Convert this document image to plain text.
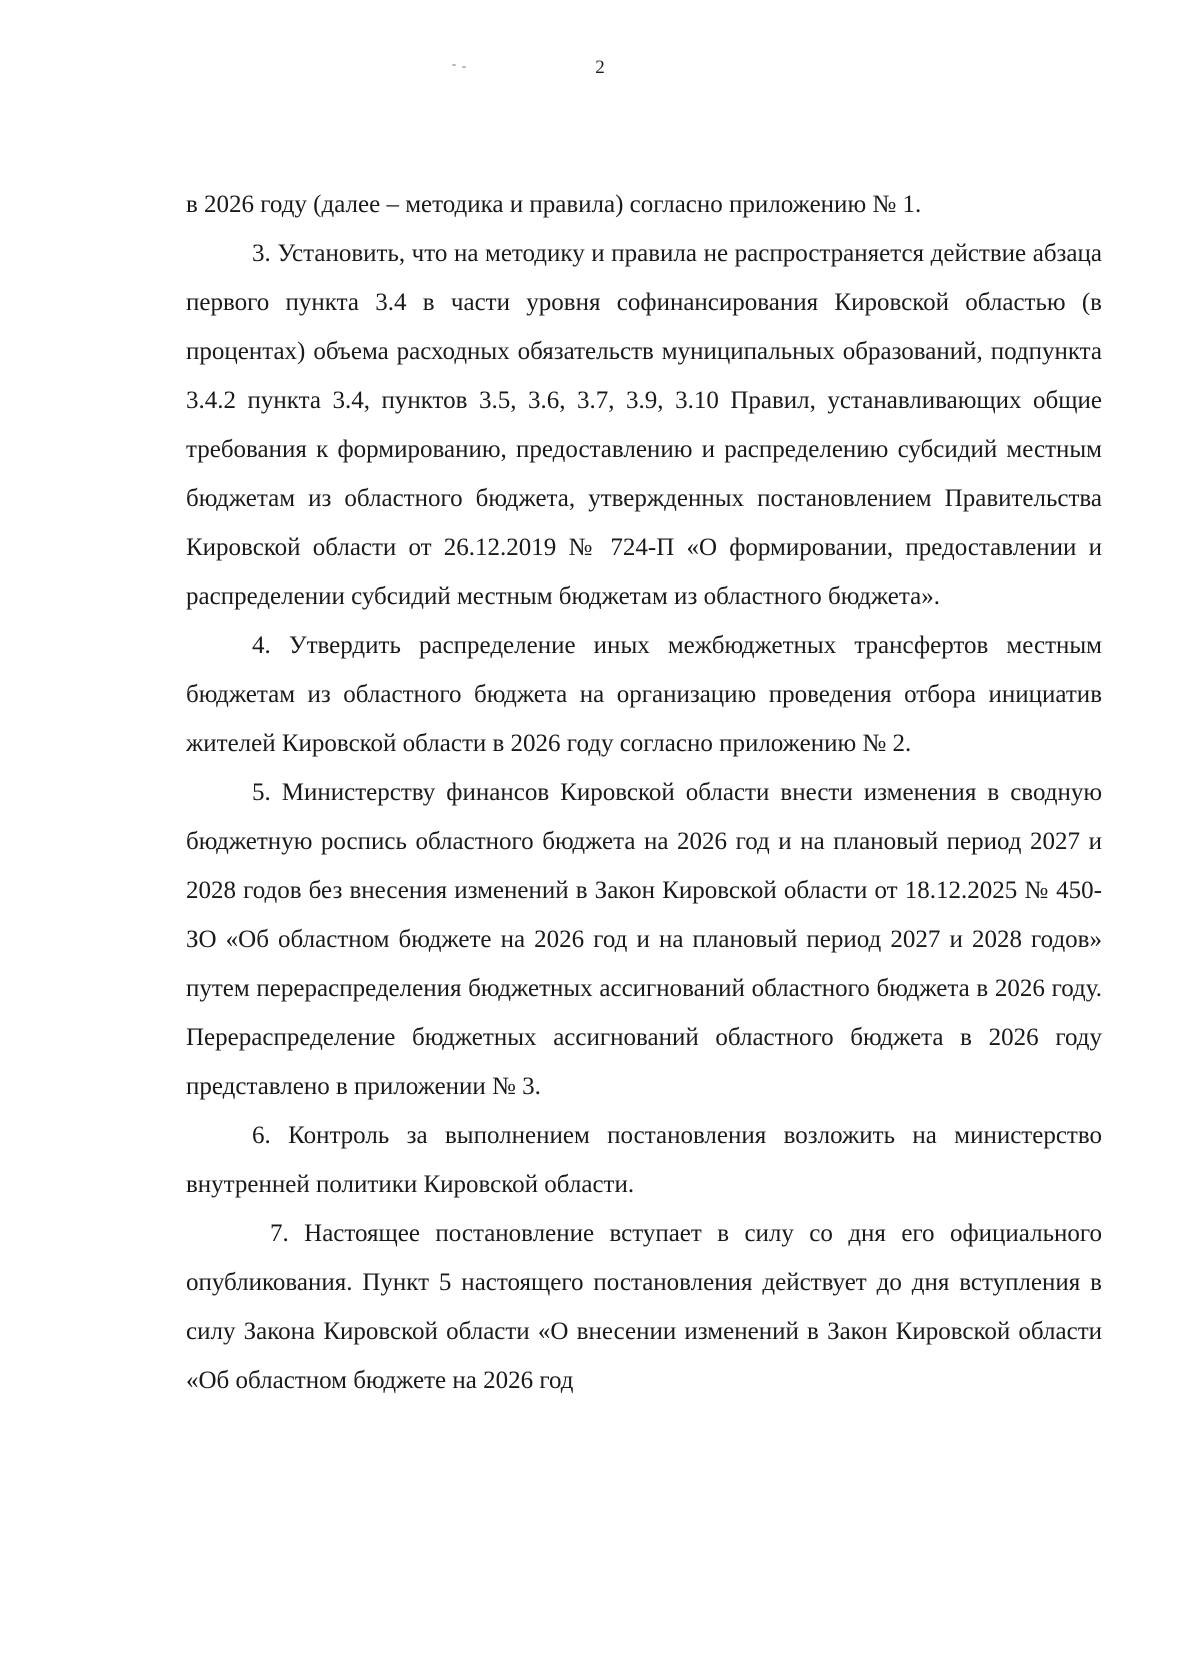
2

в 2026 году (далее – методика и правила) согласно приложению № 1.

3. Установить, что на методику и правила не распространяется действие абзаца первого пункта 3.4 в части уровня софинансирования Кировской областью (в процентах) объема расходных обязательств муниципальных образований, подпункта 3.4.2 пункта 3.4, пунктов 3.5, 3.6, 3.7, 3.9, 3.10 Правил, устанавливающих общие требования к формированию, предоставлению и распределению субсидий местным бюджетам из областного бюджета, утвержденных постановлением Правительства Кировской области от 26.12.2019 № 724-П «О формировании, предоставлении и распределении субсидий местным бюджетам из областного бюджета».

4. Утвердить распределение иных межбюджетных трансфертов местным бюджетам из областного бюджета на организацию проведения отбора инициатив жителей Кировской области в 2026 году согласно приложению № 2.

5. Министерству финансов Кировской области внести изменения в сводную бюджетную роспись областного бюджета на 2026 год и на плановый период 2027 и 2028 годов без внесения изменений в Закон Кировской области от 18.12.2025 № 450-ЗО «Об областном бюджете на 2026 год и на плановый период 2027 и 2028 годов» путем перераспределения бюджетных ассигнований областного бюджета в 2026 году. Перераспределение бюджетных ассигнований областного бюджета в 2026 году представлено в приложении № 3.

6. Контроль за выполнением постановления возложить на министерство внутренней политики Кировской области.

7. Настоящее постановление вступает в силу со дня его официального опубликования. Пункт 5 настоящего постановления действует до дня вступления в силу Закона Кировской области «О внесении изменений в Закон Кировской области «Об областном бюджете на 2026 год
